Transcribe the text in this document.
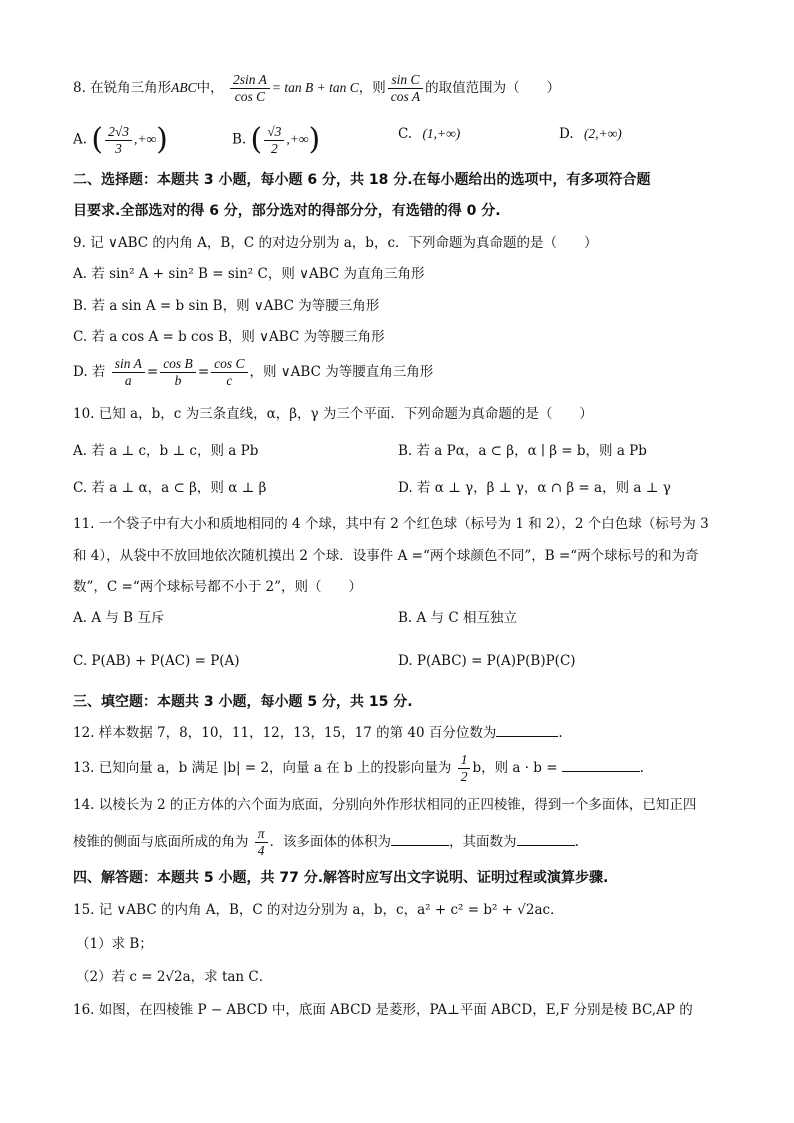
8. 在锐角三角形ABC中， $\frac{\text{2sin A}}{\text{cos C}} = \tan B + \tan C$，则 $\frac{\text{sin C}}{\text{cos A}}$ 的取值范围为（　　）
A. ( $\frac{2√3}{3}$ ,+∞)	B. ( $\frac{√3}{2}$ ,+∞)	C. (1,+∞)	D. (2,+∞)
二、选择题：本题共 3 小题，每小题 6 分，共 18 分.在每小题给出的选项中，有多项符合题
目要求.全部选对的得 6 分，部分选对的得部分分，有选错的得 0 分.
9. 记 ∨ABC 的内角 A，B，C 的对边分别为 a，b，c．下列命题为真命题的是（　　）
A. 若 sin² A + sin² B = sin² C，则 ∨ABC 为直角三角形
B. 若 a sin A = b sin B，则 ∨ABC 为等腰三角形
C. 若 a cos A = b cos B，则 ∨ABC 为等腰三角形
D. 若 $\frac{\text{sin A}}{a} = \frac{\text{cos B}}{b} = \frac{\text{cos C}}{c}$ ，则 ∨ABC 为等腰直角三角形
10. 已知 a，b，c 为三条直线，α，β，γ 为三个平面．下列命题为真命题的是（　　）
A. 若 a ⊥ c，b ⊥ c，则 a Pb	B. 若 a Pα，a ⊂ β，α ∣ β = b，则 a Pb
C. 若 a ⊥ α，a ⊂ β，则 α ⊥ β	D. 若 α ⊥ γ，β ⊥ γ，α ∩ β = a，则 a ⊥ γ
11. 一个袋子中有大小和质地相同的 4 个球，其中有 2 个红色球（标号为 1 和 2），2 个白色球（标号为 3
和 4），从袋中不放回地依次随机摸出 2 个球．设事件 A =“两个球颜色不同”，B =“两个球标号的和为奇
数”，C =“两个球标号都不小于 2”，则（　　）
A. A 与 B 互斥	B. A 与 C 相互独立
C. P(AB) + P(AC) = P(A)	D. P(ABC) = P(A)P(B)P(C)
三、填空题：本题共 3 小题，每小题 5 分，共 15 分.
12. 样本数据 7，8，10，11，12，13，15，17 的第 40 百分位数为	.
13. 已知向量 a，b 满足 |b| = 2，向量 a 在 b 上的投影向量为 $\frac{1}{2}$ b，则 a · b =	.
14. 以棱长为 2 的正方体的六个面为底面，分别向外作形状相同的正四棱锥，得到一个多面体，已知正四
棱锥的侧面与底面所成的角为 $\frac{\pi}{4}$ ．该多面体的体积为	，其面数为	.
四、解答题：本题共 5 小题，共 77 分.解答时应写出文字说明、证明过程或演算步骤.
15. 记 ∨ABC 的内角 A，B，C 的对边分别为 a，b，c，a² + c² = b² + √2ac．
（1）求 B；
（2）若 c = 2√2a，求 tan C．
16. 如图，在四棱锥 P − ABCD 中，底面 ABCD 是菱形，PA⊥平面 ABCD，E,F 分别是棱 BC,AP 的
